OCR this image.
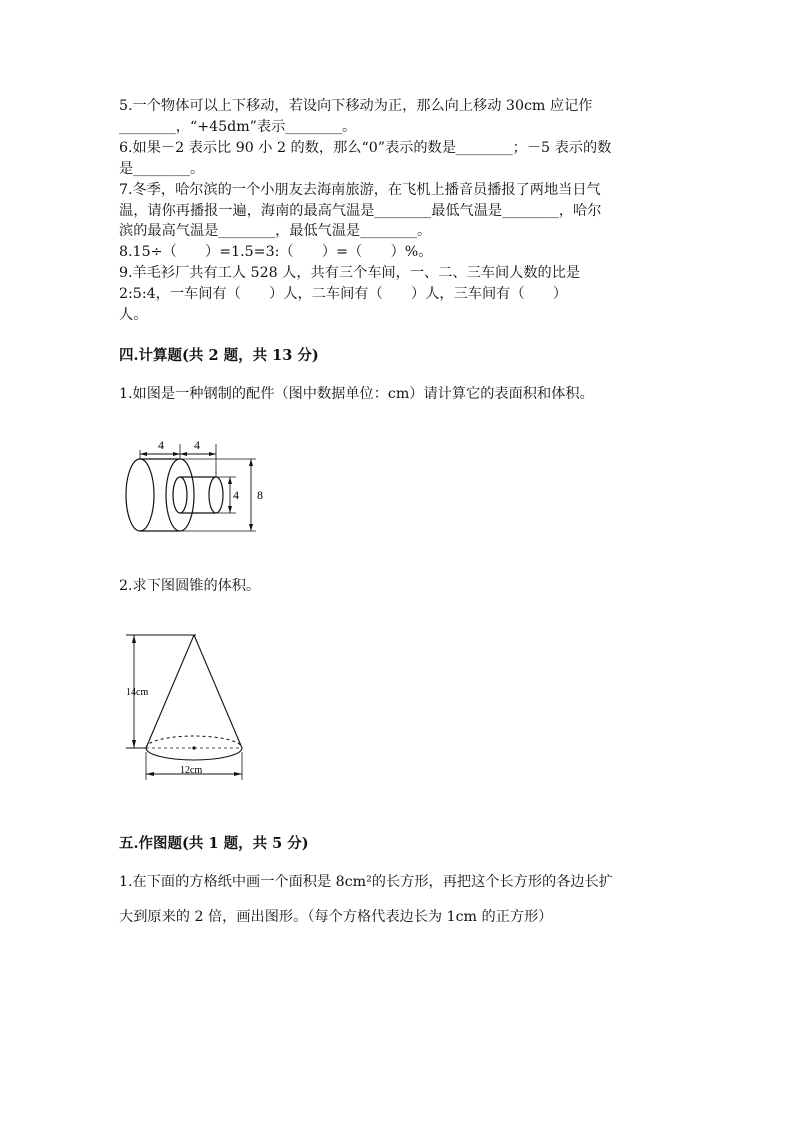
5.一个物体可以上下移动，若设向下移动为正，那么向上移动 30cm 应记作
________，“+45dm”表示________。
6.如果－2 表示比 90 小 2 的数，那么“0”表示的数是________；－5 表示的数
是________。
7.冬季，哈尔滨的一个小朋友去海南旅游，在飞机上播音员播报了两地当日气
温，请你再播报一遍，海南的最高气温是________最低气温是________，哈尔
滨的最高气温是________，最低气温是________。
8.15÷（　　）=1.5=3:（　　）=（　　）%。
9.羊毛衫厂共有工人 528 人，共有三个车间，一、二、三车间人数的比是
2:5:4，一车间有（　　）人，二车间有（　　）人，三车间有（　　）
人。
四.计算题(共 2 题，共 13 分)
1.如图是一种钢制的配件（图中数据单位：cm）请计算它的表面积和体积。
4	4
4 8
2.求下图圆锥的体积。
14cm
12cm
五.作图题(共 1 题，共 5 分)
1.在下面的方格纸中画一个面积是 8cm²的长方形，再把这个长方形的各边长扩
大到原来的 2 倍，画出图形。（每个方格代表边长为 1cm 的正方形）
